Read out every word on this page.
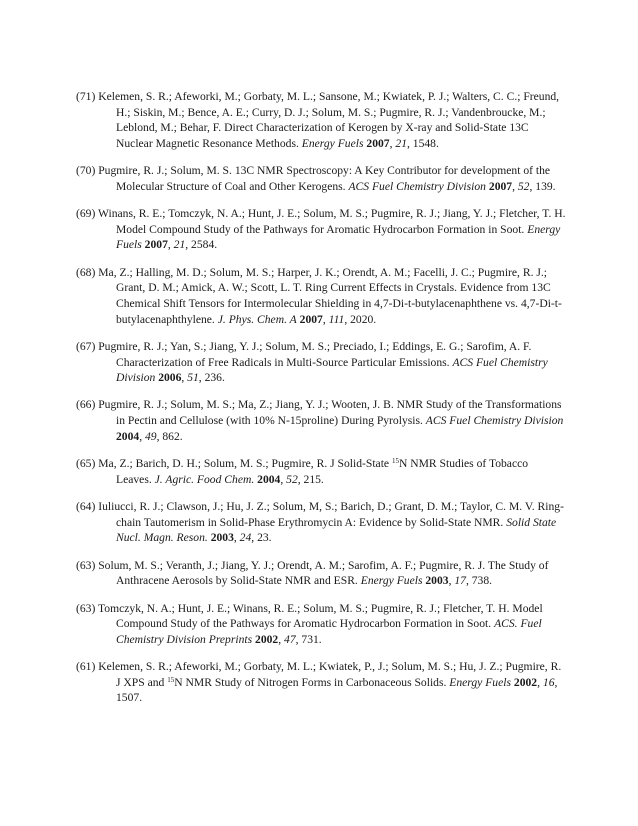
(71) Kelemen, S. R.; Afeworki, M.; Gorbaty, M. L.; Sansone, M.; Kwiatek, P. J.; Walters, C. C.; Freund, H.; Siskin, M.; Bence, A. E.; Curry, D. J.; Solum, M. S.; Pugmire, R. J.; Vandenbroucke, M.; Leblond, M.; Behar, F. Direct Characterization of Kerogen by X-ray and Solid-State 13C Nuclear Magnetic Resonance Methods. Energy Fuels 2007, 21, 1548.

(70) Pugmire, R. J.; Solum, M. S. 13C NMR Spectroscopy: A Key Contributor for development of the Molecular Structure of Coal and Other Kerogens. ACS Fuel Chemistry Division 2007, 52, 139.

(69) Winans, R. E.; Tomczyk, N. A.; Hunt, J. E.; Solum, M. S.; Pugmire, R. J.; Jiang, Y. J.; Fletcher, T. H. Model Compound Study of the Pathways for Aromatic Hydrocarbon Formation in Soot. Energy Fuels 2007, 21, 2584.

(68) Ma, Z.; Halling, M. D.; Solum, M. S.; Harper, J. K.; Orendt, A. M.; Facelli, J. C.; Pugmire, R. J.; Grant, D. M.; Amick, A. W.; Scott, L. T. Ring Current Effects in Crystals. Evidence from 13C Chemical Shift Tensors for Intermolecular Shielding in 4,7-Di-t-butylacenaphthene vs. 4,7-Di-t-butylacenaphthylene. J. Phys. Chem. A 2007, 111, 2020.

(67) Pugmire, R. J.; Yan, S.; Jiang, Y. J.; Solum, M. S.; Preciado, I.; Eddings, E. G.; Sarofim, A. F. Characterization of Free Radicals in Multi-Source Particular Emissions. ACS Fuel Chemistry Division 2006, 51, 236.

(66) Pugmire, R. J.; Solum, M. S.; Ma, Z.; Jiang, Y. J.; Wooten, J. B. NMR Study of the Transformations in Pectin and Cellulose (with 10% N-15proline) During Pyrolysis. ACS Fuel Chemistry Division 2004, 49, 862.

(65) Ma, Z.; Barich, D. H.; Solum, M. S.; Pugmire, R. J Solid-State $^{15}$N NMR Studies of Tobacco Leaves. J. Agric. Food Chem. 2004, 52, 215.

(64) Iuliucci, R. J.; Clawson, J.; Hu, J. Z.; Solum, M, S.; Barich, D.; Grant, D. M.; Taylor, C. M. V. Ring-chain Tautomerism in Solid-Phase Erythromycin A: Evidence by Solid-State NMR. Solid State Nucl. Magn. Reson. 2003, 24, 23.

(63) Solum, M. S.; Veranth, J.; Jiang, Y. J.; Orendt, A. M.; Sarofim, A. F.; Pugmire, R. J. The Study of Anthracene Aerosols by Solid-State NMR and ESR. Energy Fuels 2003, 17, 738.

(63) Tomczyk, N. A.; Hunt, J. E.; Winans, R. E.; Solum, M. S.; Pugmire, R. J.; Fletcher, T. H. Model Compound Study of the Pathways for Aromatic Hydrocarbon Formation in Soot. ACS. Fuel Chemistry Division Preprints 2002, 47, 731.

(61) Kelemen, S. R.; Afeworki, M.; Gorbaty, M. L.; Kwiatek, P., J.; Solum, M. S.; Hu, J. Z.; Pugmire, R. J XPS and $^{15}$N NMR Study of Nitrogen Forms in Carbonaceous Solids. Energy Fuels 2002, 16, 1507.
